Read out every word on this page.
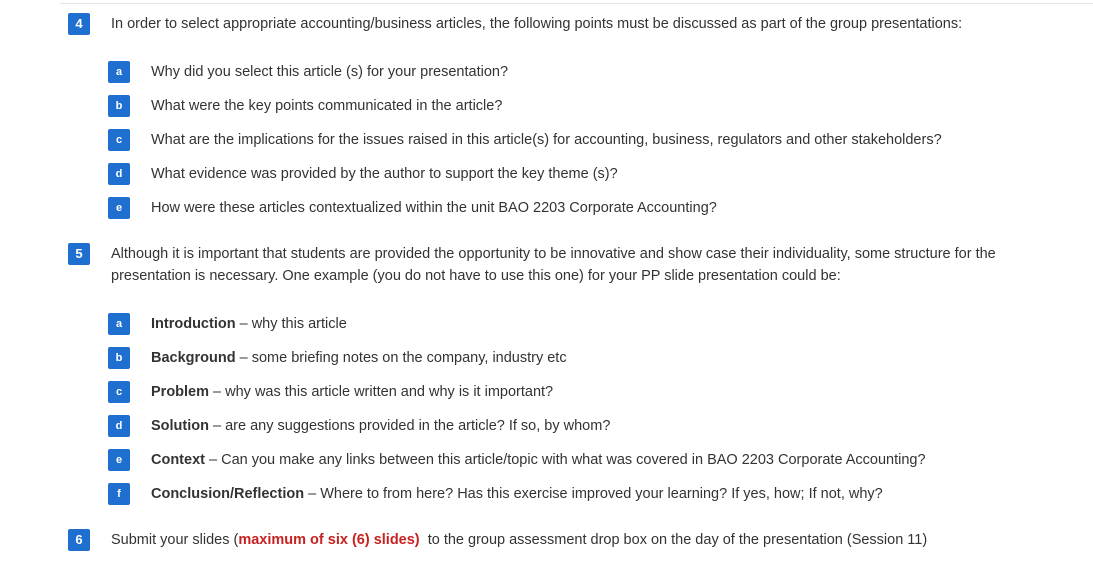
4	In order to select appropriate accounting/business articles, the following points must be discussed as part of the group presentations:
a	Why did you select this article (s) for your presentation?
b	What were the key points communicated in the article?
c	What are the implications for the issues raised in this article(s) for accounting, business, regulators and other stakeholders?
d	What evidence was provided by the author to support the key theme (s)?
e	How were these articles contextualized within the unit BAO 2203 Corporate Accounting?
5	Although it is important that students are provided the opportunity to be innovative and show case their individuality, some structure for the
presentation is necessary. One example (you do not have to use this one) for your PP slide presentation could be:
a	Introduction – why this article
b	Background – some briefing notes on the company, industry etc
c	Problem – why was this article written and why is it important?
d	Solution – are any suggestions provided in the article? If so, by whom?
e	Context – Can you make any links between this article/topic with what was covered in BAO 2203 Corporate Accounting?
f	Conclusion/Reflection – Where to from here? Has this exercise improved your learning? If yes, how; If not, why?
6	Submit your slides (maximum of six (6) slides)  to the group assessment drop box on the day of the presentation (Session 11)
